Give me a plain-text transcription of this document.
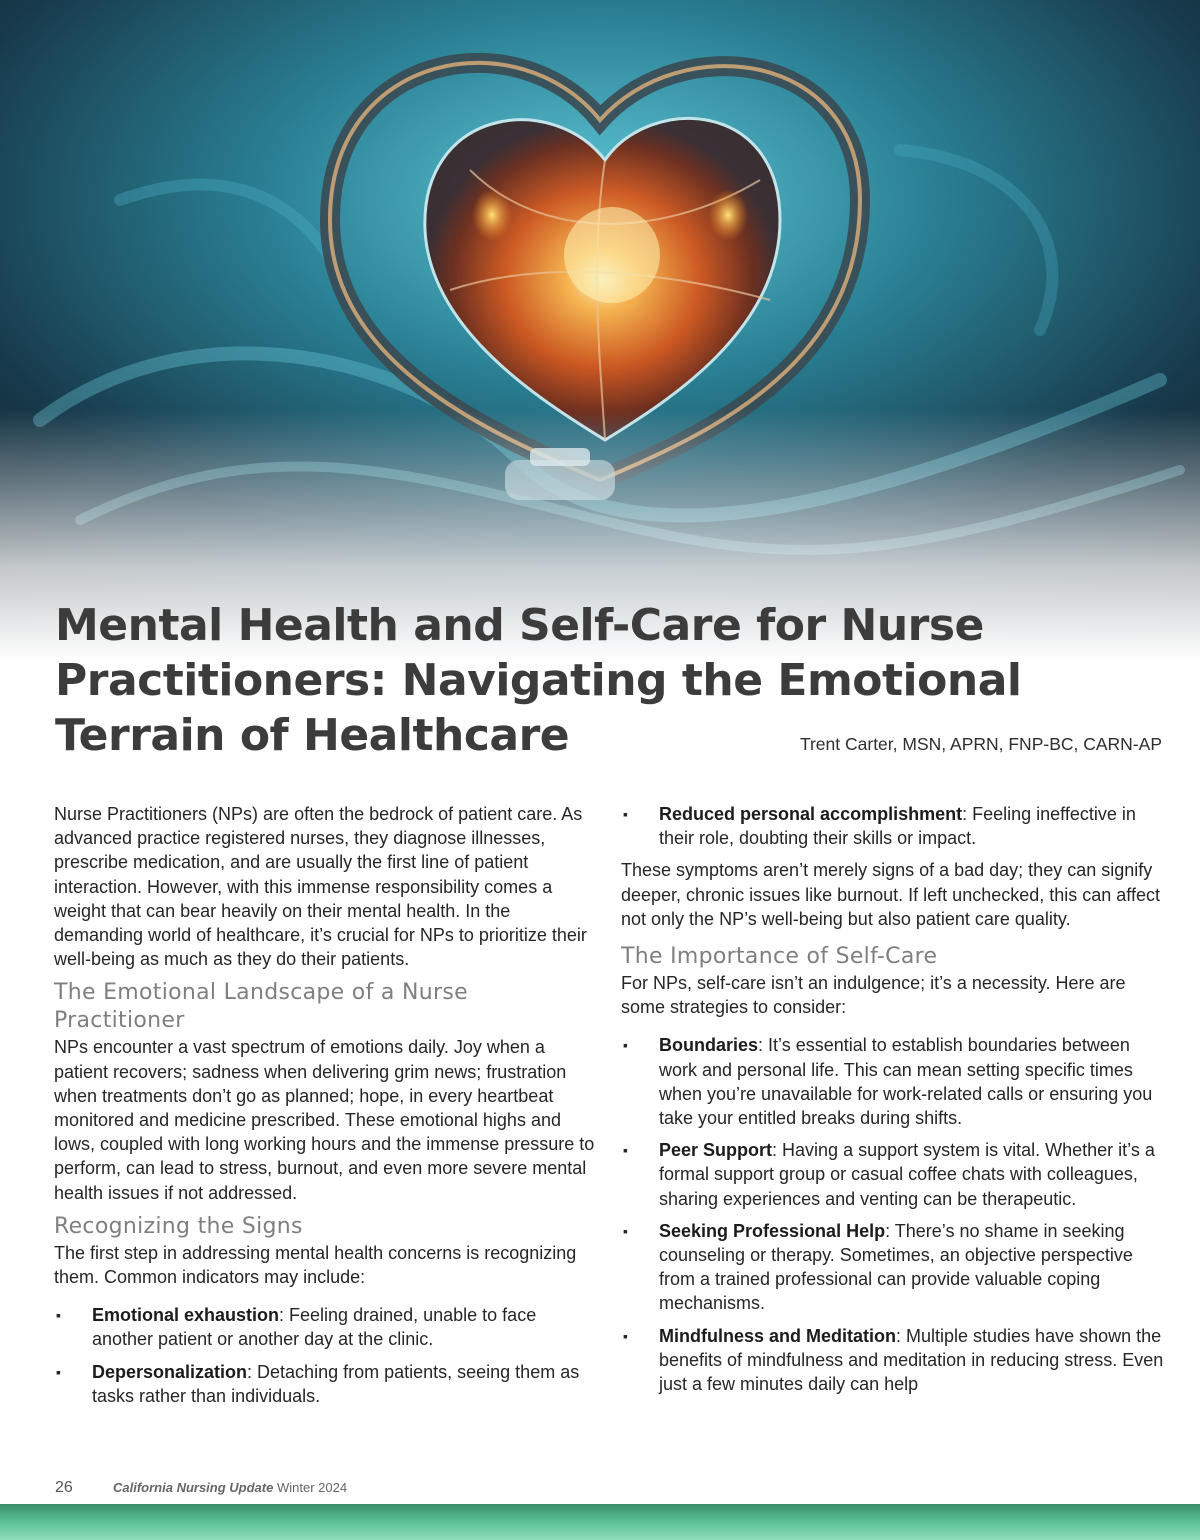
Mental Health and Self-Care for Nurse
Practitioners: Navigating the Emotional
Terrain of Healthcare	Trent Carter, MSN, APRN, FNP-BC, CARN-AP

Nurse Practitioners (NPs) are often the bedrock of patient care. As advanced practice registered nurses, they diagnose illnesses, prescribe medication, and are usually the first line of patient interaction. However, with this immense responsibility comes a weight that can bear heavily on their mental health. In the demanding world of healthcare, it’s crucial for NPs to prioritize their well-being as much as they do their patients.

The Emotional Landscape of a Nurse Practitioner

NPs encounter a vast spectrum of emotions daily. Joy when a patient recovers; sadness when delivering grim news; frustration when treatments don’t go as planned; hope, in every heartbeat monitored and medicine prescribed. These emotional highs and lows, coupled with long working hours and the immense pressure to perform, can lead to stress, burnout, and even more severe mental health issues if not addressed.

Recognizing the Signs

The first step in addressing mental health concerns is recognizing them. Common indicators may include:

▪ Emotional exhaustion: Feeling drained, unable to face another patient or another day at the clinic.
▪ Depersonalization: Detaching from patients, seeing them as tasks rather than individuals.
▪ Reduced personal accomplishment: Feeling ineffective in their role, doubting their skills or impact.

These symptoms aren’t merely signs of a bad day; they can signify deeper, chronic issues like burnout. If left unchecked, this can affect not only the NP’s well-being but also patient care quality.

The Importance of Self-Care

For NPs, self-care isn’t an indulgence; it’s a necessity. Here are some strategies to consider:

▪ Boundaries: It’s essential to establish boundaries between work and personal life. This can mean setting specific times when you’re unavailable for work-related calls or ensuring you take your entitled breaks during shifts.
▪ Peer Support: Having a support system is vital. Whether it’s a formal support group or casual coffee chats with colleagues, sharing experiences and venting can be therapeutic.
▪ Seeking Professional Help: There’s no shame in seeking counseling or therapy. Sometimes, an objective perspective from a trained professional can provide valuable coping mechanisms.
▪ Mindfulness and Meditation: Multiple studies have shown the benefits of mindfulness and meditation in reducing stress. Even just a few minutes daily can help
26	California Nursing Update Winter 2024
